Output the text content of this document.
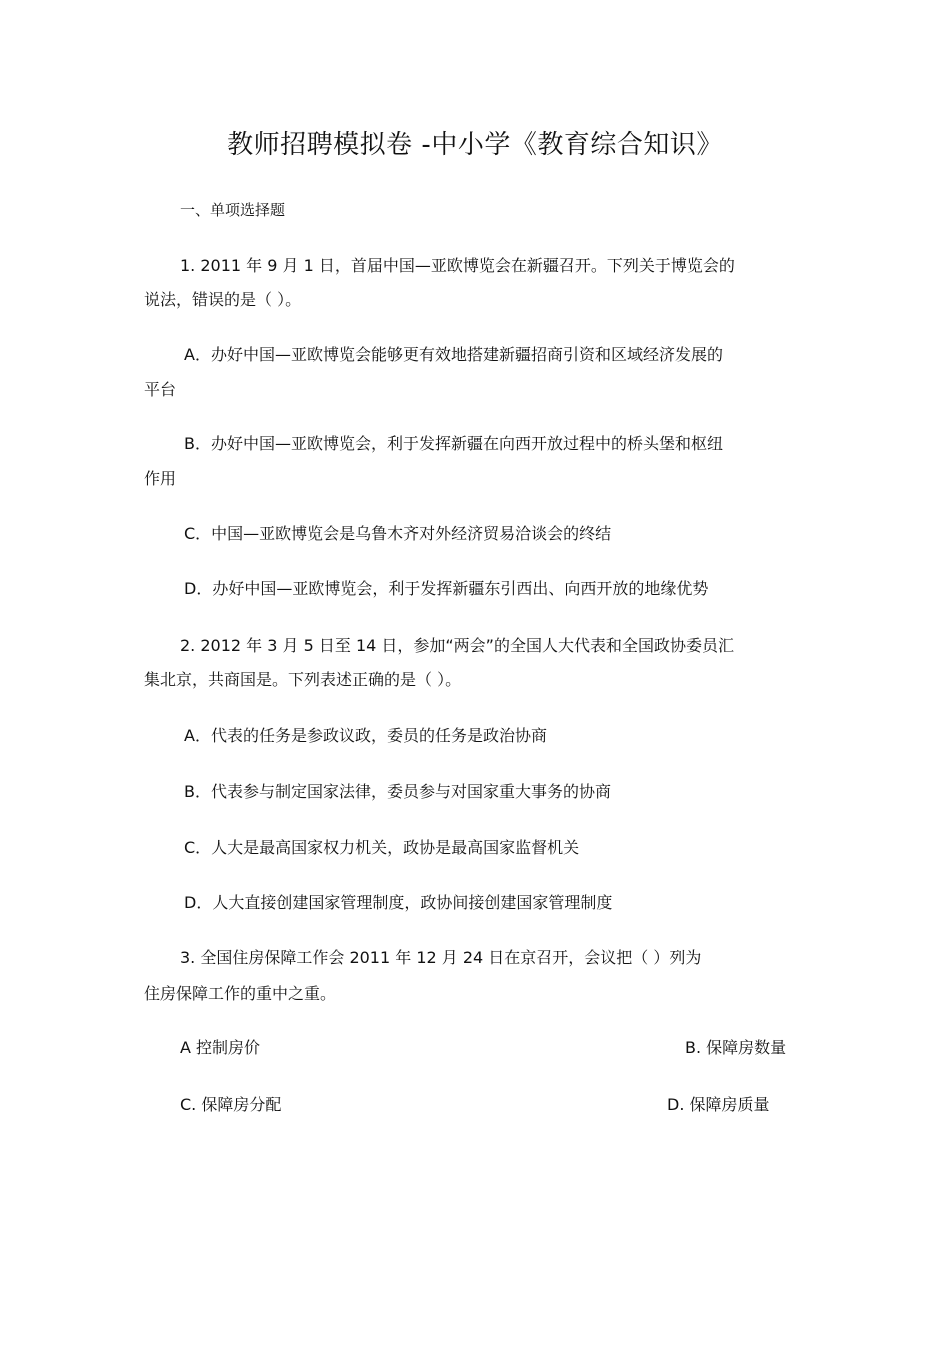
教师招聘模拟卷 -中小学《教育综合知识》
一、单项选择题
1. 2011 年 9 月 1 日，首届中国—亚欧博览会在新疆召开。下列关于博览会的
说法，错误的是（ ）。
A．办好中国—亚欧博览会能够更有效地搭建新疆招商引资和区域经济发展的
平台
B．办好中国—亚欧博览会，利于发挥新疆在向西开放过程中的桥头堡和枢纽
作用
C．中国—亚欧博览会是乌鲁木齐对外经济贸易洽谈会的终结
D．办好中国—亚欧博览会，利于发挥新疆东引西出、向西开放的地缘优势
2. 2012 年 3 月 5 日至 14 日，参加“两会”的全国人大代表和全国政协委员汇
集北京，共商国是。下列表述正确的是（ ）。
A．代表的任务是参政议政，委员的任务是政治协商
B．代表参与制定国家法律，委员参与对国家重大事务的协商
C．人大是最高国家权力机关，政协是最高国家监督机关
D．人大直接创建国家管理制度，政协间接创建国家管理制度
3. 全国住房保障工作会 2011 年 12 月 24 日在京召开，会议把（ ）列为
住房保障工作的重中之重。
A 控制房价	B. 保障房数量
C. 保障房分配	D. 保障房质量
